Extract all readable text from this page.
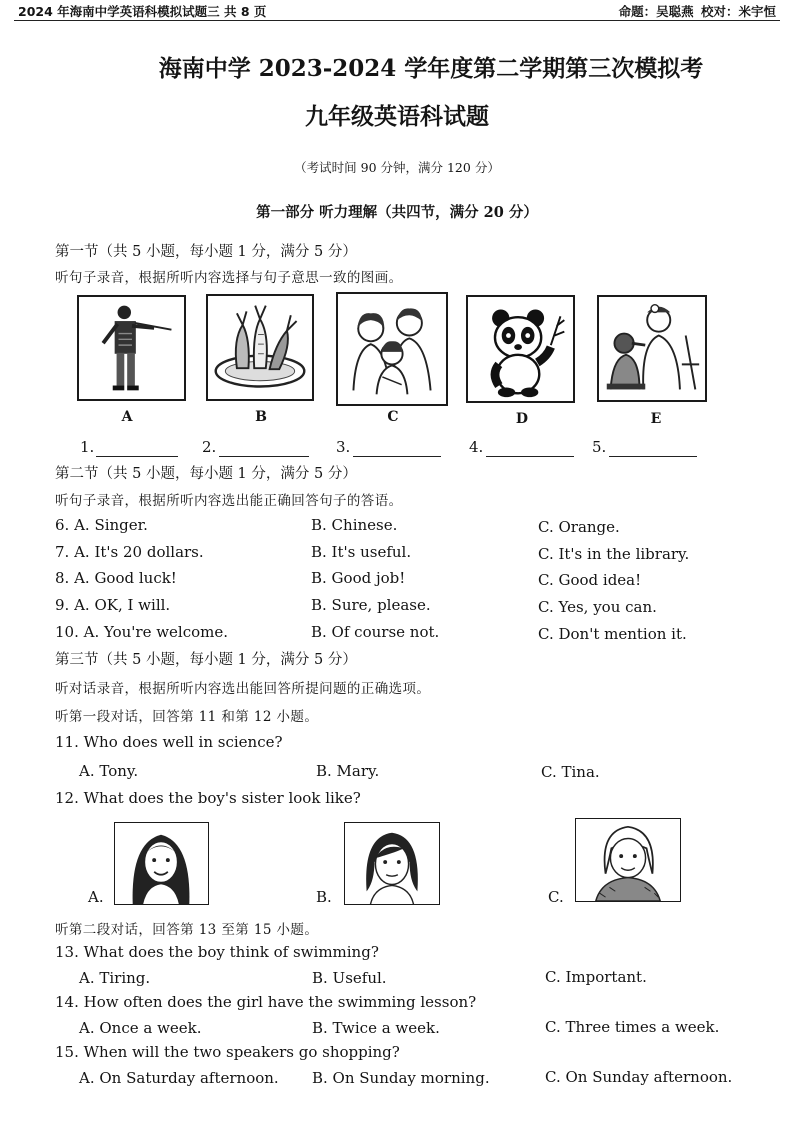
2024 年海南中学英语科模拟试题三 共 8 页	命题：吴聪燕 校对：米宇恒
海南中学 2023-2024 学年度第二学期第三次模拟考
九年级英语科试题
（考试时间 90 分钟，满分 120 分）
第一部分 听力理解（共四节，满分 20 分）
第一节（共 5 小题，每小题 1 分，满分 5 分）
听句子录音，根据所听内容选择与句子意思一致的图画。
A	B	C	D	E
1.	2.	3.	4.	5.
第二节（共 5 小题，每小题 1 分，满分 5 分）
听句子录音，根据所听内容选出能正确回答句子的答语。
6. A. Singer.	B. Chinese.	C. Orange.
7. A. It's 20 dollars.	B. It's useful.	C. It's in the library.
8. A. Good luck!	B. Good job!	C. Good idea!
9. A. OK, I will.	B. Sure, please.	C. Yes, you can.
10. A. You're welcome.	B. Of course not.	C. Don't mention it.
第三节（共 5 小题，每小题 1 分，满分 5 分）
听对话录音，根据所听内容选出能回答所提问题的正确选项。
听第一段对话，回答第 11 和第 12 小题。
11. Who does well in science?
A. Tony.	B. Mary.	C. Tina.
12. What does the boy's sister look like?
A.	B.	C.
听第二段对话，回答第 13 至第 15 小题。
13. What does the boy think of swimming?
A. Tiring.	B. Useful.	C. Important.
14. How often does the girl have the swimming lesson?
A. Once a week.	B. Twice a week.	C. Three times a week.
15. When will the two speakers go shopping?
A. On Saturday afternoon. B. On Sunday morning.	C. On Sunday afternoon.
